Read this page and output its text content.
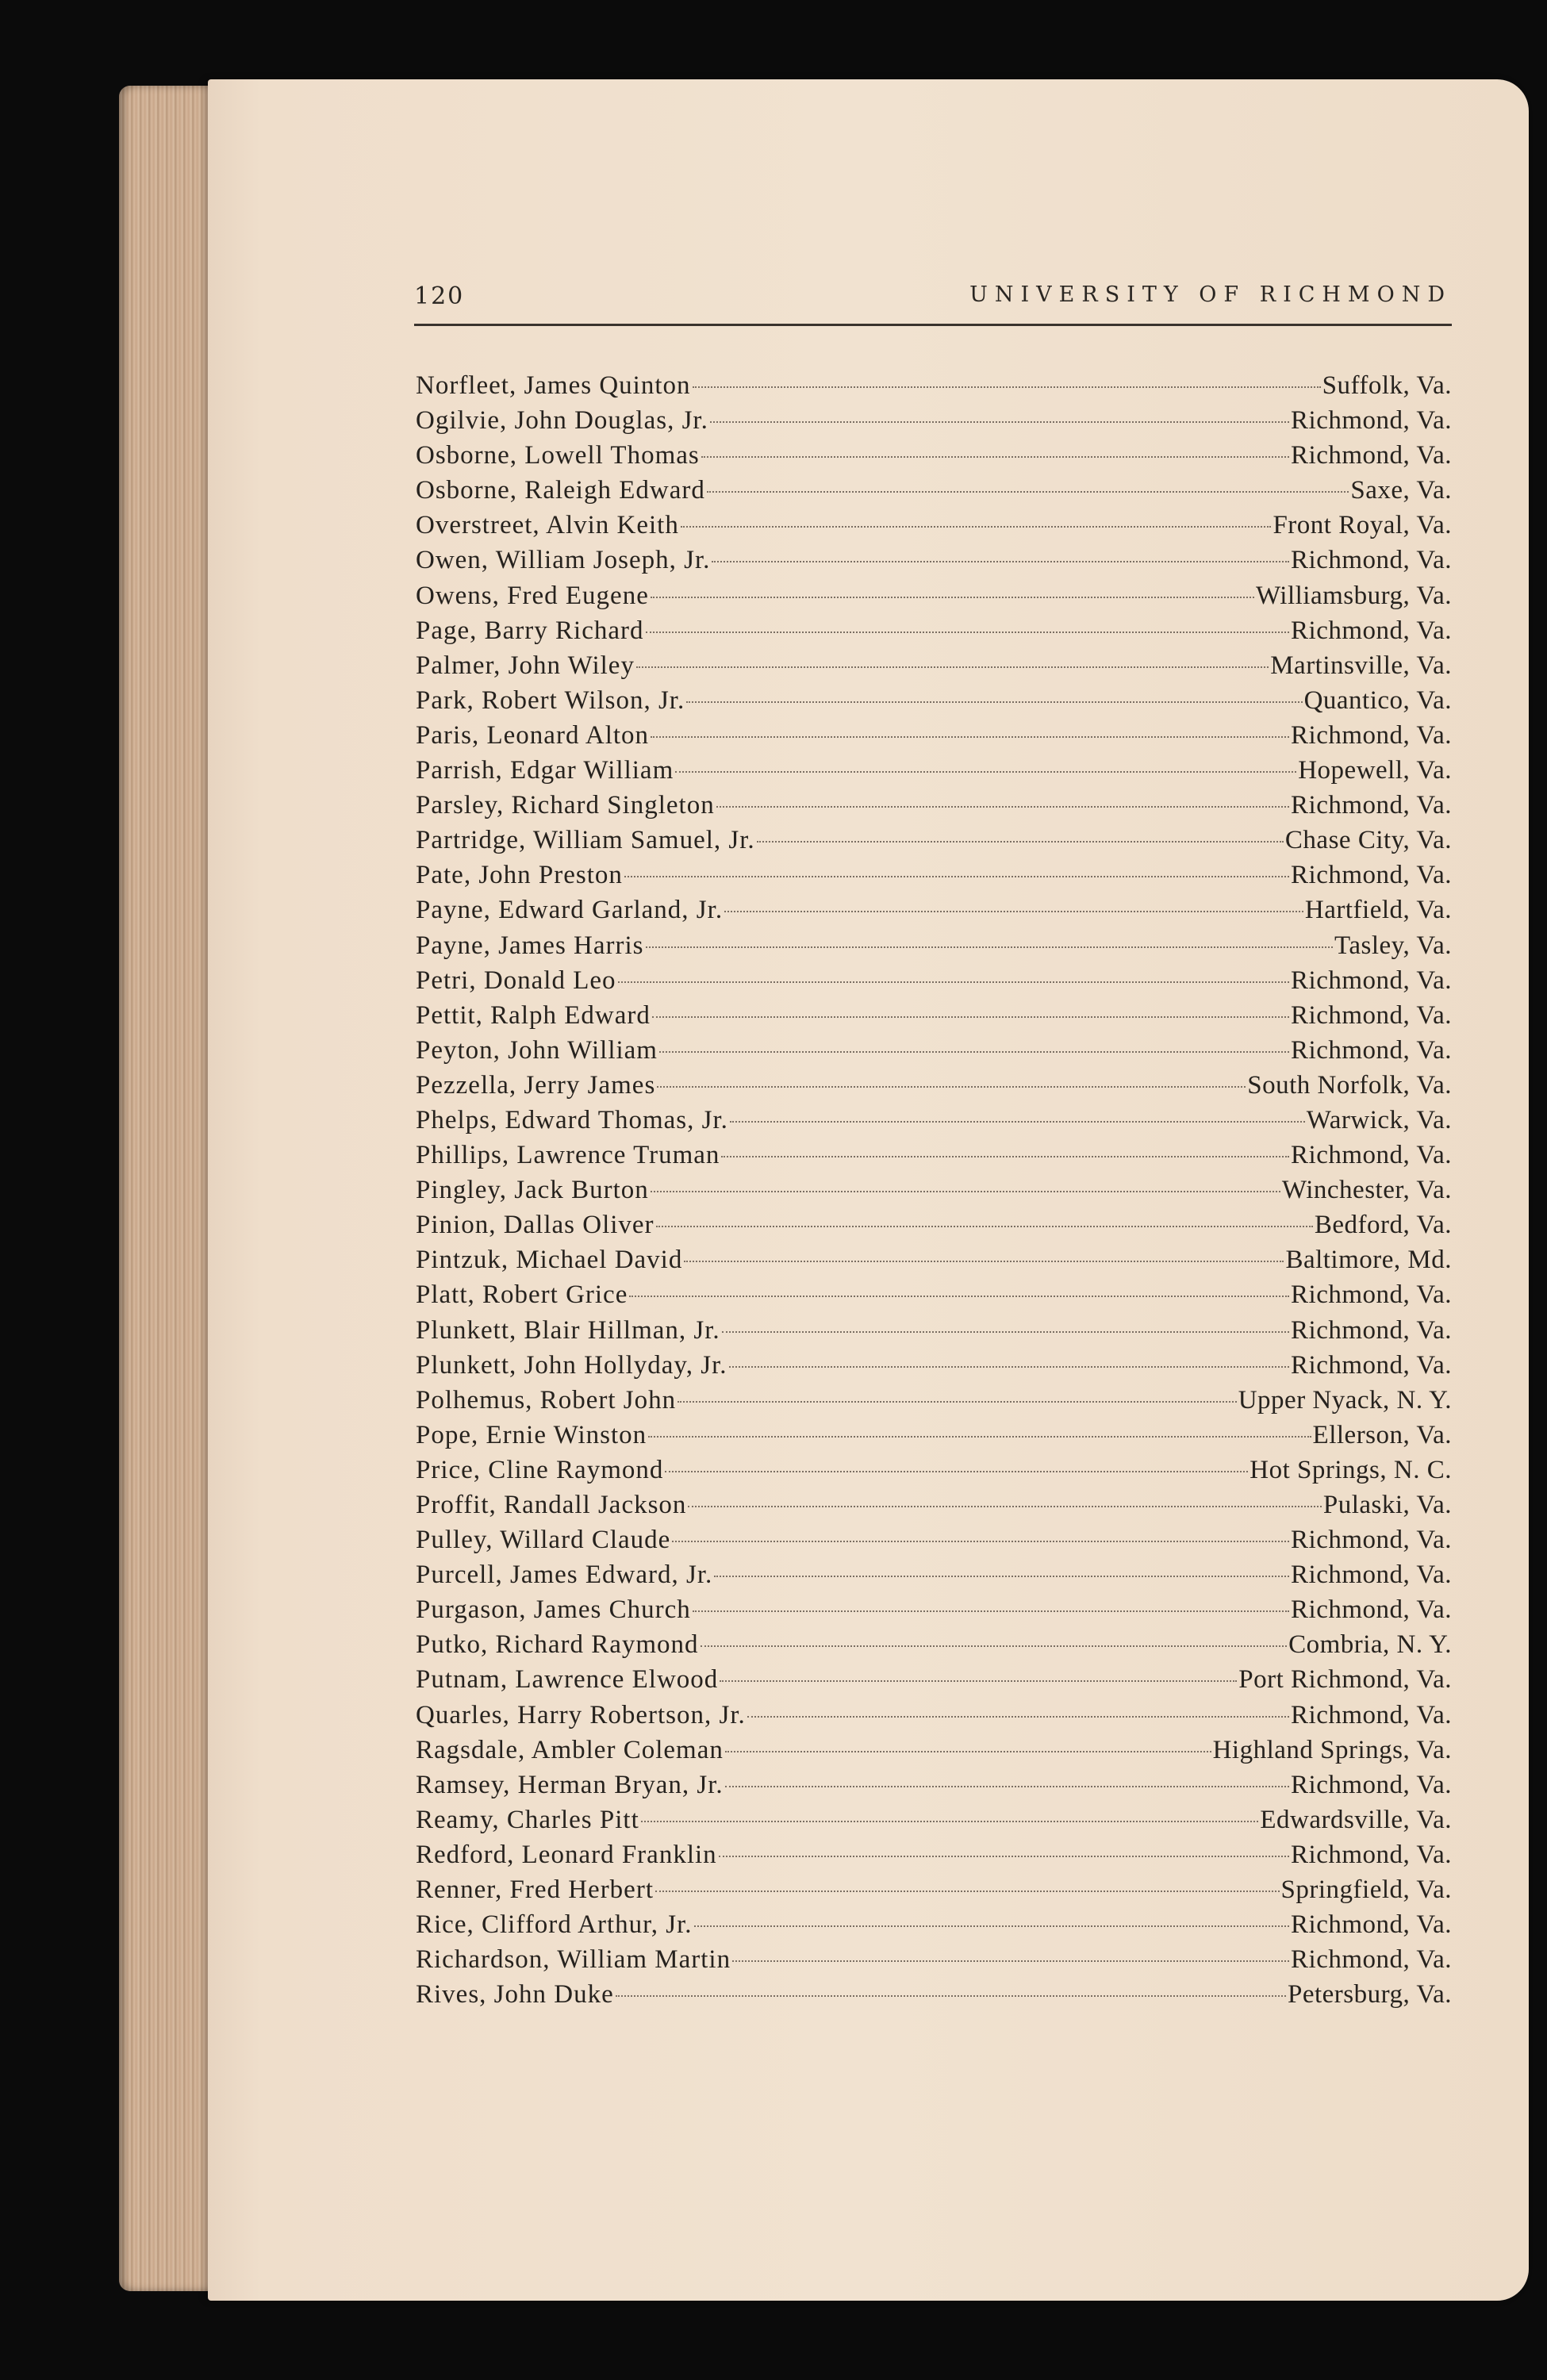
120	UNIVERSITY OF RICHMOND
Norfleet, James Quinton	Suffolk, Va.
Ogilvie, John Douglas, Jr.	Richmond, Va.
Osborne, Lowell Thomas	Richmond, Va.
Osborne, Raleigh Edward	Saxe, Va.
Overstreet, Alvin Keith	Front Royal, Va.
Owen, William Joseph, Jr.	Richmond, Va.
Owens, Fred Eugene	Williamsburg, Va.
Page, Barry Richard	Richmond, Va.
Palmer, John Wiley	Martinsville, Va.
Park, Robert Wilson, Jr.	Quantico, Va.
Paris, Leonard Alton	Richmond, Va.
Parrish, Edgar William	Hopewell, Va.
Parsley, Richard Singleton	Richmond, Va.
Partridge, William Samuel, Jr.	Chase City, Va.
Pate, John Preston	Richmond, Va.
Payne, Edward Garland, Jr.	Hartfield, Va.
Payne, James Harris	Tasley, Va.
Petri, Donald Leo	Richmond, Va.
Pettit, Ralph Edward	Richmond, Va.
Peyton, John William	Richmond, Va.
Pezzella, Jerry James	South Norfolk, Va.
Phelps, Edward Thomas, Jr.	Warwick, Va.
Phillips, Lawrence Truman	Richmond, Va.
Pingley, Jack Burton	Winchester, Va.
Pinion, Dallas Oliver	Bedford, Va.
Pintzuk, Michael David	Baltimore, Md.
Platt, Robert Grice	Richmond, Va.
Plunkett, Blair Hillman, Jr.	Richmond, Va.
Plunkett, John Hollyday, Jr.	Richmond, Va.
Polhemus, Robert John	Upper Nyack, N. Y.
Pope, Ernie Winston	Ellerson, Va.
Price, Cline Raymond	Hot Springs, N. C.
Proffit, Randall Jackson	Pulaski, Va.
Pulley, Willard Claude	Richmond, Va.
Purcell, James Edward, Jr.	Richmond, Va.
Purgason, James Church	Richmond, Va.
Putko, Richard Raymond	Combria, N. Y.
Putnam, Lawrence Elwood	Port Richmond, Va.
Quarles, Harry Robertson, Jr.	Richmond, Va.
Ragsdale, Ambler Coleman	Highland Springs, Va.
Ramsey, Herman Bryan, Jr.	Richmond, Va.
Reamy, Charles Pitt	Edwardsville, Va.
Redford, Leonard Franklin	Richmond, Va.
Renner, Fred Herbert	Springfield, Va.
Rice, Clifford Arthur, Jr.	Richmond, Va.
Richardson, William Martin	Richmond, Va.
Rives, John Duke	Petersburg, Va.
